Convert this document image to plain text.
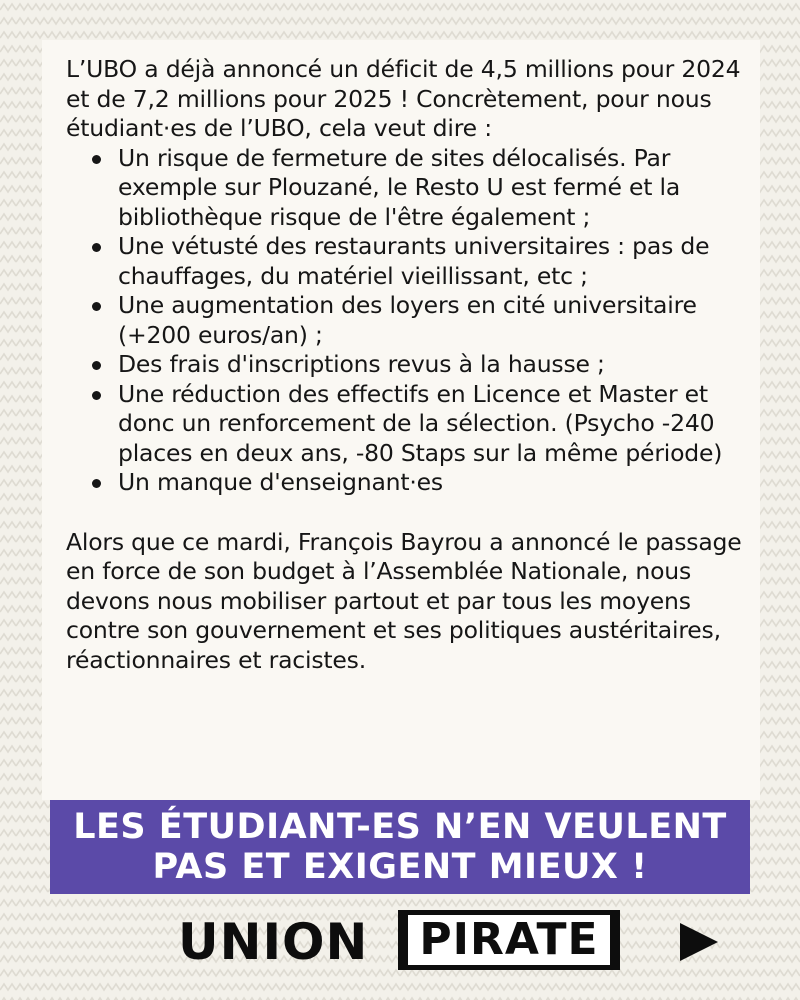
L’UBO a déjà annoncé un déficit de 4,5 millions pour 2024 et de 7,2 millions pour 2025 ! Concrètement, pour nous étudiant·es de l’UBO, cela veut dire :

Un risque de fermeture de sites délocalisés. Par exemple sur Plouzané, le Resto U est fermé et la bibliothèque risque de l'être également ;
Une vétusté des restaurants universitaires : pas de chauffages, du matériel vieillissant, etc ;
Une augmentation des loyers en cité universitaire (+200 euros/an) ;
Des frais d'inscriptions revus à la hausse ;
Une réduction des effectifs en Licence et Master et donc un renforcement de la sélection. (Psycho -240 places en deux ans, -80 Staps sur la même période)
Un manque d'enseignant·es

Alors que ce mardi, François Bayrou a annoncé le passage en force de son budget à l’Assemblée Nationale, nous devons nous mobiliser partout et par tous les moyens contre son gouvernement et ses politiques austéritaires, réactionnaires et racistes.

LES ÉTUDIANT-ES N’EN VEULENT
PAS ET EXIGENT MIEUX !
UNION PIRATE
